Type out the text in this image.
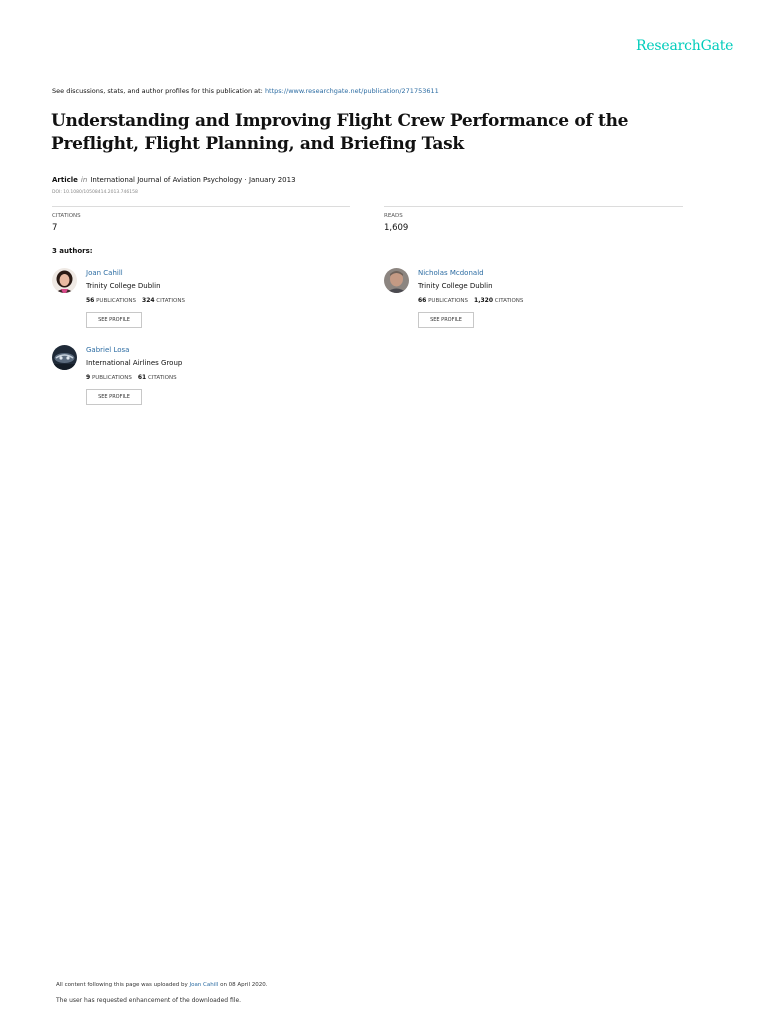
ResearchGate
See discussions, stats, and author profiles for this publication at: https://www.researchgate.net/publication/271753611
Understanding and Improving Flight Crew Performance of the Preflight, Flight Planning, and Briefing Task
Article in International Journal of Aviation Psychology · January 2013
DOI: 10.1080/10508414.2013.746158
CITATIONS
7
READS
1,609
3 authors:
Joan Cahill
Trinity College Dublin
56 PUBLICATIONS 324 CITATIONS
SEE PROFILE
Nicholas Mcdonald
Trinity College Dublin
66 PUBLICATIONS 1,320 CITATIONS
SEE PROFILE
Gabriel Losa
International Airlines Group
9 PUBLICATIONS 61 CITATIONS
SEE PROFILE
All content following this page was uploaded by Joan Cahill on 08 April 2020.
The user has requested enhancement of the downloaded file.
